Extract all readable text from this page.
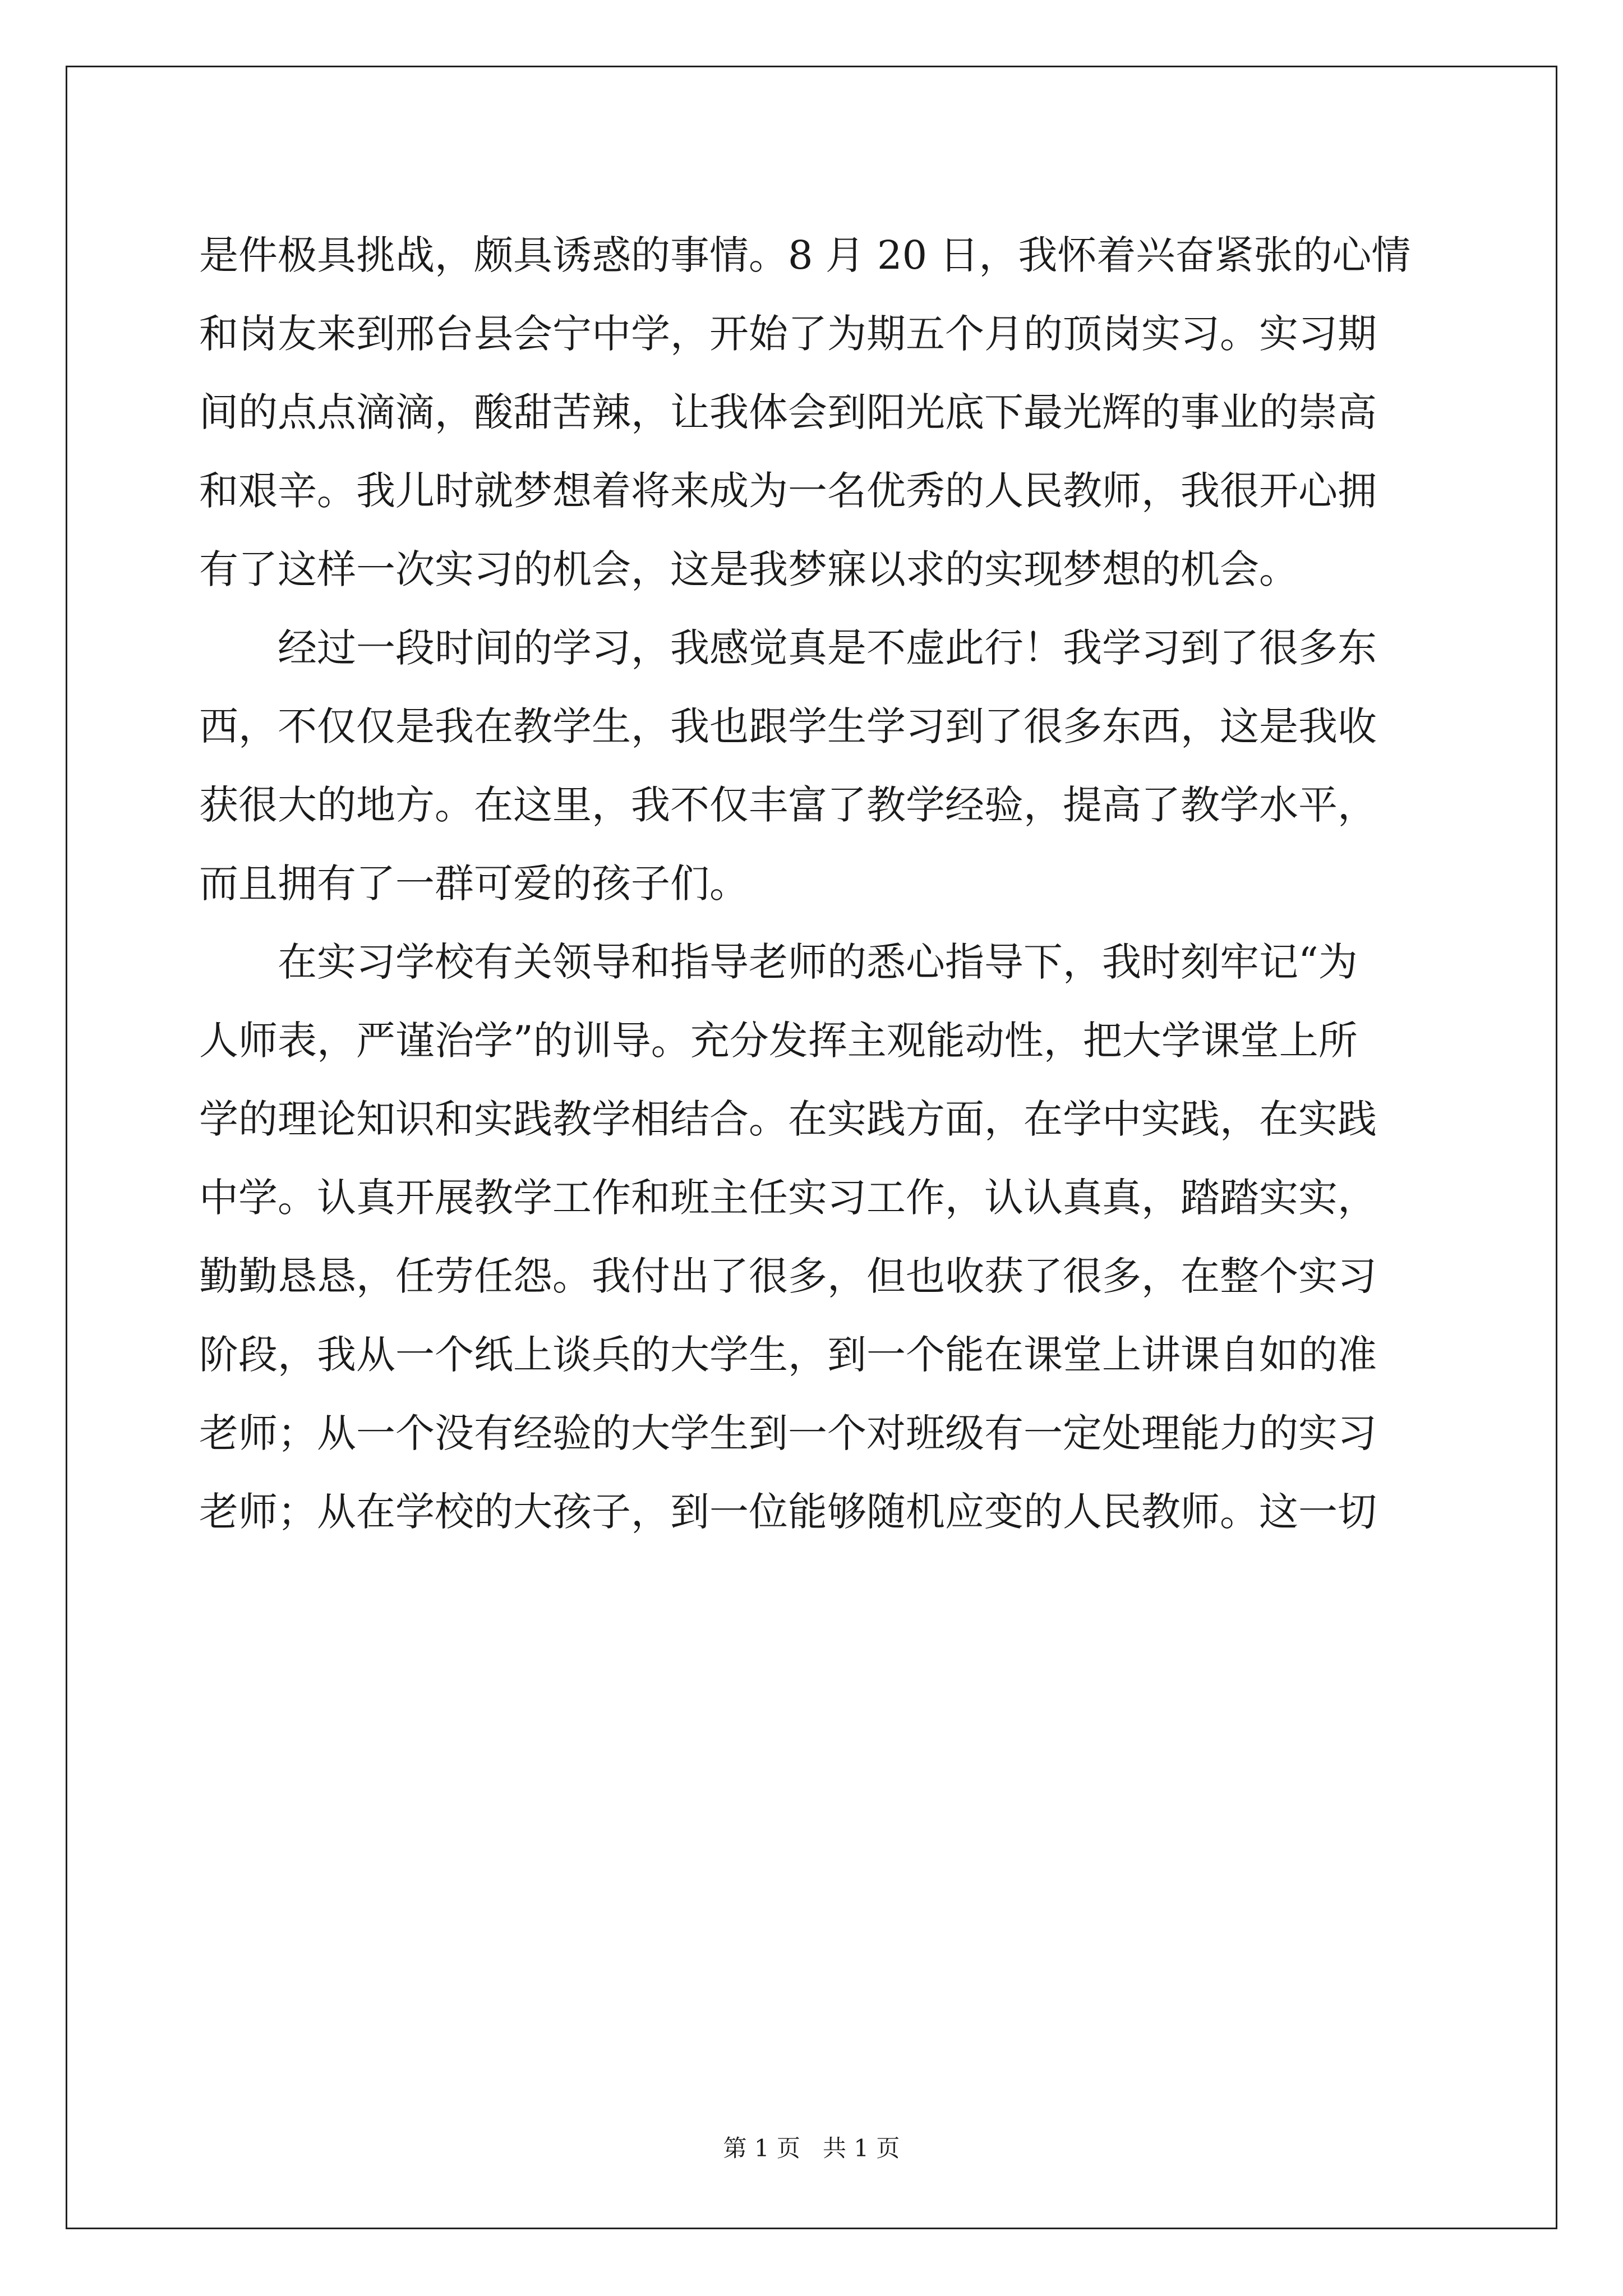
是件极具挑战，颇具诱惑的事情。8 月 20 日，我怀着兴奋紧张的心情
和岗友来到邢台县会宁中学，开始了为期五个月的顶岗实习。实习期
间的点点滴滴，酸甜苦辣，让我体会到阳光底下最光辉的事业的崇高
和艰辛。我儿时就梦想着将来成为一名优秀的人民教师，我很开心拥
有了这样一次实习的机会，这是我梦寐以求的实现梦想的机会。
经过一段时间的学习，我感觉真是不虚此行！我学习到了很多东
西，不仅仅是我在教学生，我也跟学生学习到了很多东西，这是我收
获很大的地方。在这里，我不仅丰富了教学经验，提高了教学水平，
而且拥有了一群可爱的孩子们。
在实习学校有关领导和指导老师的悉心指导下，我时刻牢记“为
人师表，严谨治学”的训导。充分发挥主观能动性，把大学课堂上所
学的理论知识和实践教学相结合。在实践方面，在学中实践，在实践
中学。认真开展教学工作和班主任实习工作，认认真真，踏踏实实，
勤勤恳恳，任劳任怨。我付出了很多，但也收获了很多，在整个实习
阶段，我从一个纸上谈兵的大学生，到一个能在课堂上讲课自如的准
老师；从一个没有经验的大学生到一个对班级有一定处理能力的实习
老师；从在学校的大孩子，到一位能够随机应变的人民教师。这一切
第 1 页 共 1 页
